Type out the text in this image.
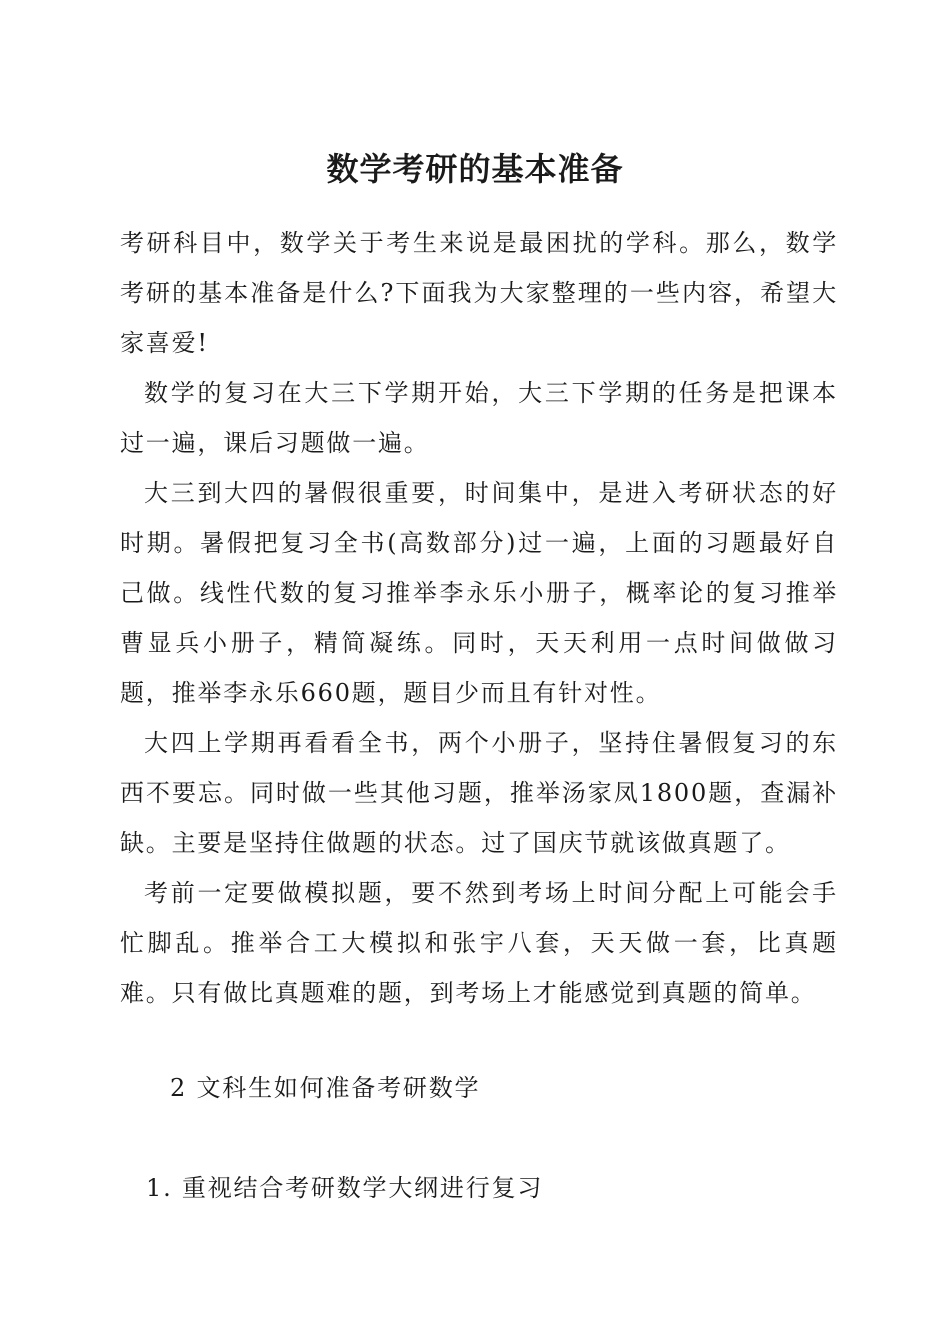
数学考研的基本准备

考研科目中，数学关于考生来说是最困扰的学科。那么，数学考研的基本准备是什么?下面我为大家整理的一些内容，希望大家喜爱!

数学的复习在大三下学期开始，大三下学期的任务是把课本过一遍，课后习题做一遍。

大三到大四的暑假很重要，时间集中，是进入考研状态的好时期。暑假把复习全书(高数部分)过一遍，上面的习题最好自己做。线性代数的复习推举李永乐小册子，概率论的复习推举曹显兵小册子，精简凝练。同时，天天利用一点时间做做习题，推举李永乐660题，题目少而且有针对性。

大四上学期再看看全书，两个小册子，坚持住暑假复习的东西不要忘。同时做一些其他习题，推举汤家凤1800题，查漏补缺。主要是坚持住做题的状态。过了国庆节就该做真题了。

考前一定要做模拟题，要不然到考场上时间分配上可能会手忙脚乱。推举合工大模拟和张宇八套，天天做一套，比真题难。只有做比真题难的题，到考场上才能感觉到真题的简单。

2 文科生如何准备考研数学

1. 重视结合考研数学大纲进行复习
